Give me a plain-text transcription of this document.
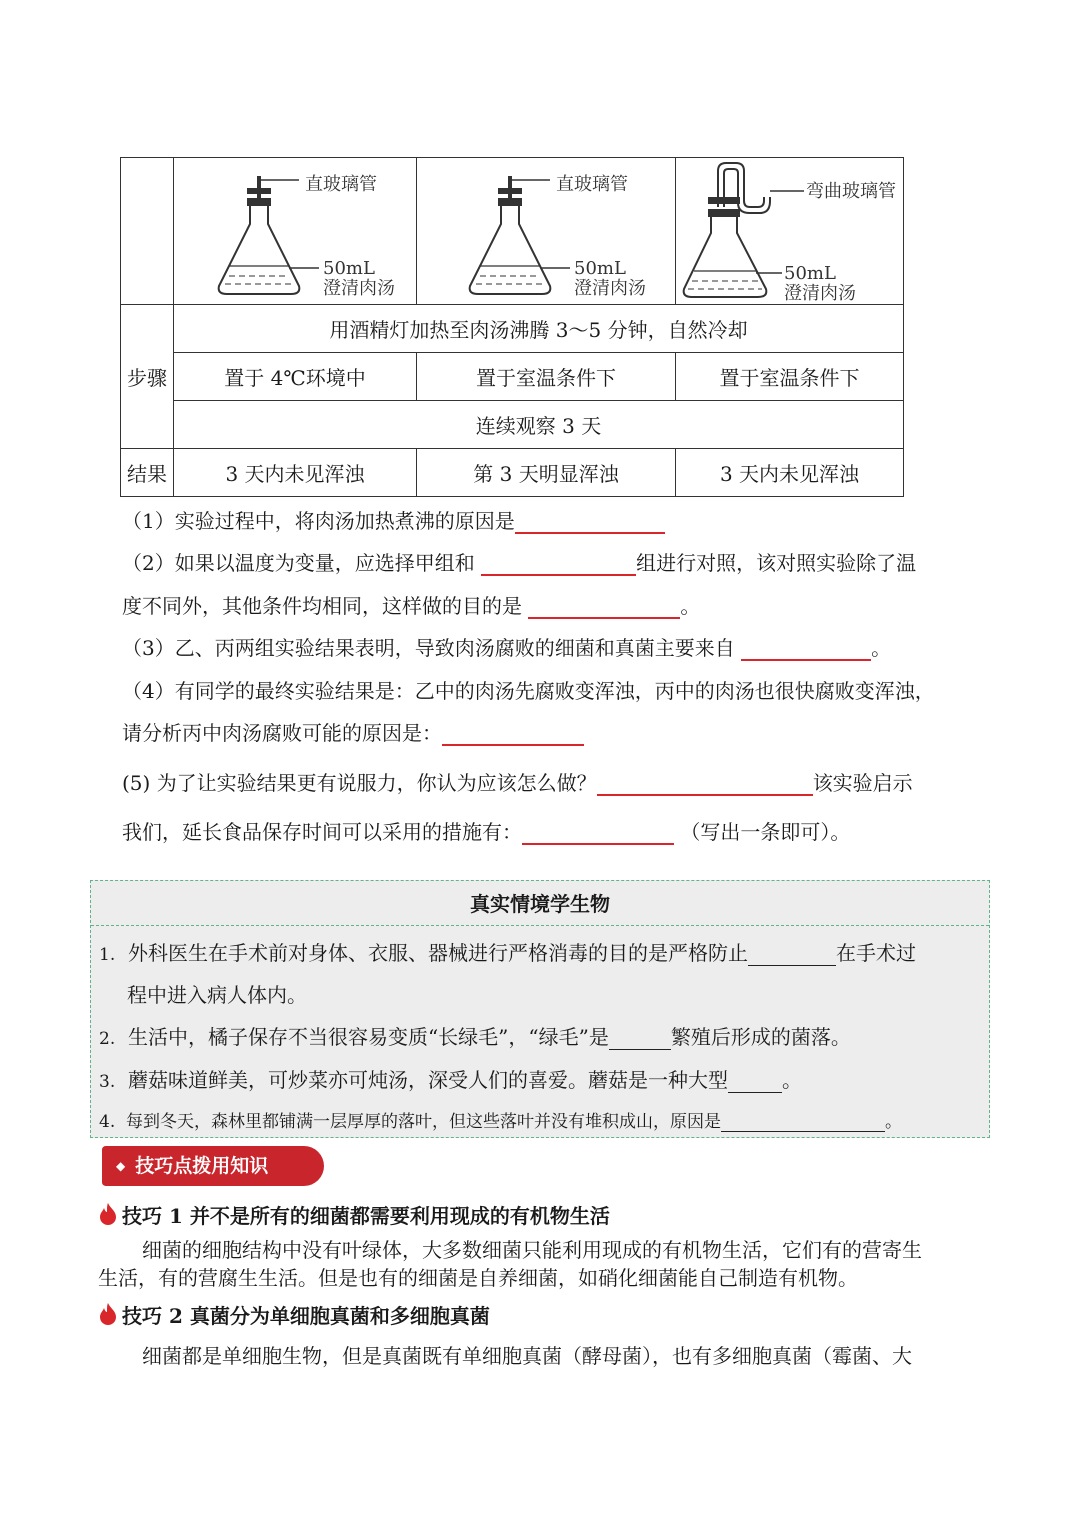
直玻璃管
50mL
澄清肉汤	直玻璃管
50mL
澄清肉汤	弯曲玻璃管
50mL
澄清肉汤

步骤	用酒精灯加热至肉汤沸腾 3～5 分钟，自然冷却		
	置于 4℃环境中	置于室温条件下	置于室温条件下
	连续观察 3 天		
结果	3 天内未见浑浊	第 3 天明显浑浊	3 天内未见浑浊
（1）实验过程中，将肉汤加热煮沸的原因是
（2）如果以温度为变量，应选择甲组和	组进行对照，该对照实验除了温
度不同外，其他条件均相同，这样做的目的是	。
（3）乙、丙两组实验结果表明，导致肉汤腐败的细菌和真菌主要来自	。
（4）有同学的最终实验结果是：乙中的肉汤先腐败变浑浊，丙中的肉汤也很快腐败变浑浊，
请分析丙中肉汤腐败可能的原因是：
(5) 为了让实验结果更有说服力，你认为应该怎么做？	该实验启示
我们，延长食品保存时间可以采用的措施有：	（写出一条即可）。
真实情境学生物
1. 外科医生在手术前对身体、衣服、器械进行严格消毒的目的是严格防止	在手术过
程中进入病人体内。
2. 生活中，橘子保存不当很容易变质“长绿毛”，“绿毛”是	繁殖后形成的菌落。
3. 蘑菇味道鲜美，可炒菜亦可炖汤，深受人们的喜爱。蘑菇是一种大型	。
4. 每到冬天，森林里都铺满一层厚厚的落叶，但这些落叶并没有堆积成山，原因是	。
◆ 技巧点拨用知识
技巧 1 并不是所有的细菌都需要利用现成的有机物生活
细菌的细胞结构中没有叶绿体，大多数细菌只能利用现成的有机物生活，它们有的营寄生
生活，有的营腐生生活。但是也有的细菌是自养细菌，如硝化细菌能自己制造有机物。
技巧 2 真菌分为单细胞真菌和多细胞真菌
细菌都是单细胞生物，但是真菌既有单细胞真菌（酵母菌），也有多细胞真菌（霉菌、大
